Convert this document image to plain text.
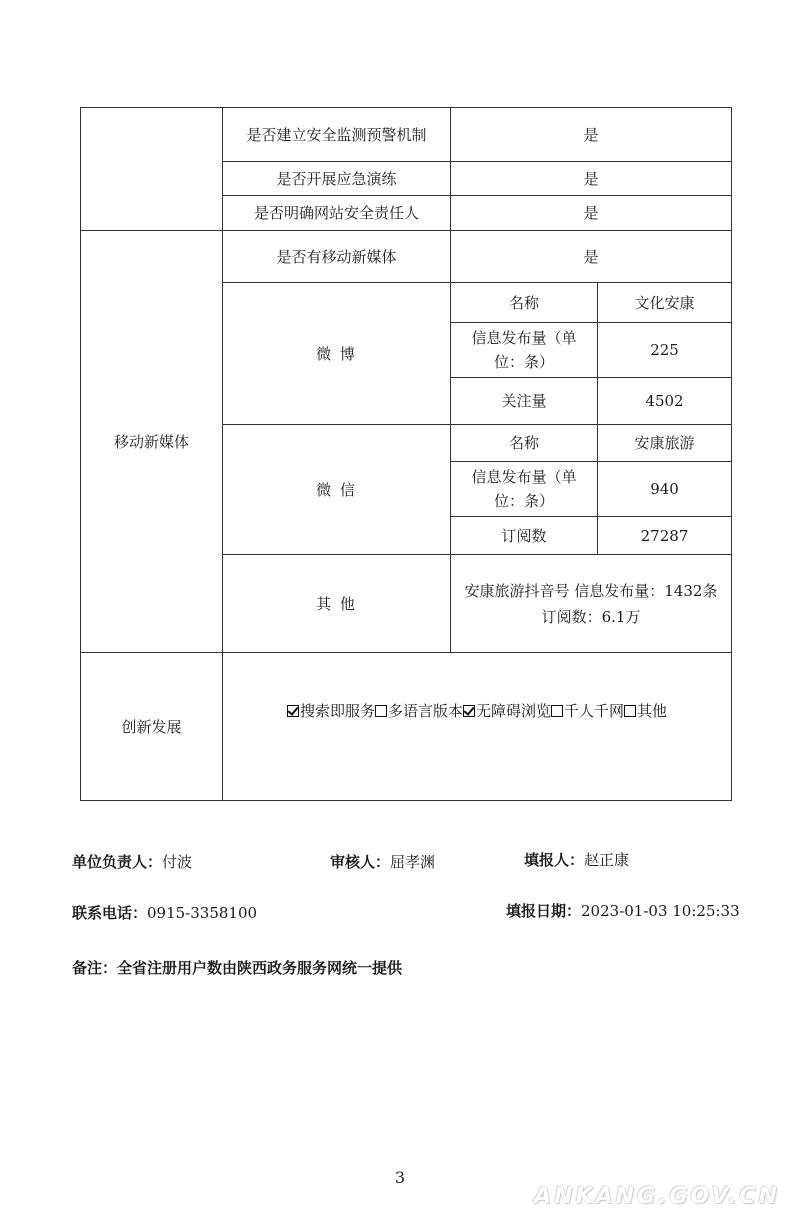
	是否建立安全监测预警机制	是	
	是否开展应急演练	是	
	是否明确网站安全责任人	是	
移动新媒体	是否有移动新媒体	是	
	微 博	名称	文化安康
		信息发布量（单位：条）	225
		关注量	4502
	微 信	名称	安康旅游
		信息发布量（单位：条）	940
		订阅数	27287
	其 他	安康旅游抖音号 信息发布量：1432条 订阅数：6.1万	
创新发展	搜索即服务 多语言版本 无障碍浏览 千人千网 其他		
单位负责人：付波	审核人：屈孝渊	填报人：赵正康
联系电话：0915-3358100	填报日期：2023-01-03 10:25:33
备注：全省注册用户数由陕西政务服务网统一提供
3
ANKANG.GOV.CN
